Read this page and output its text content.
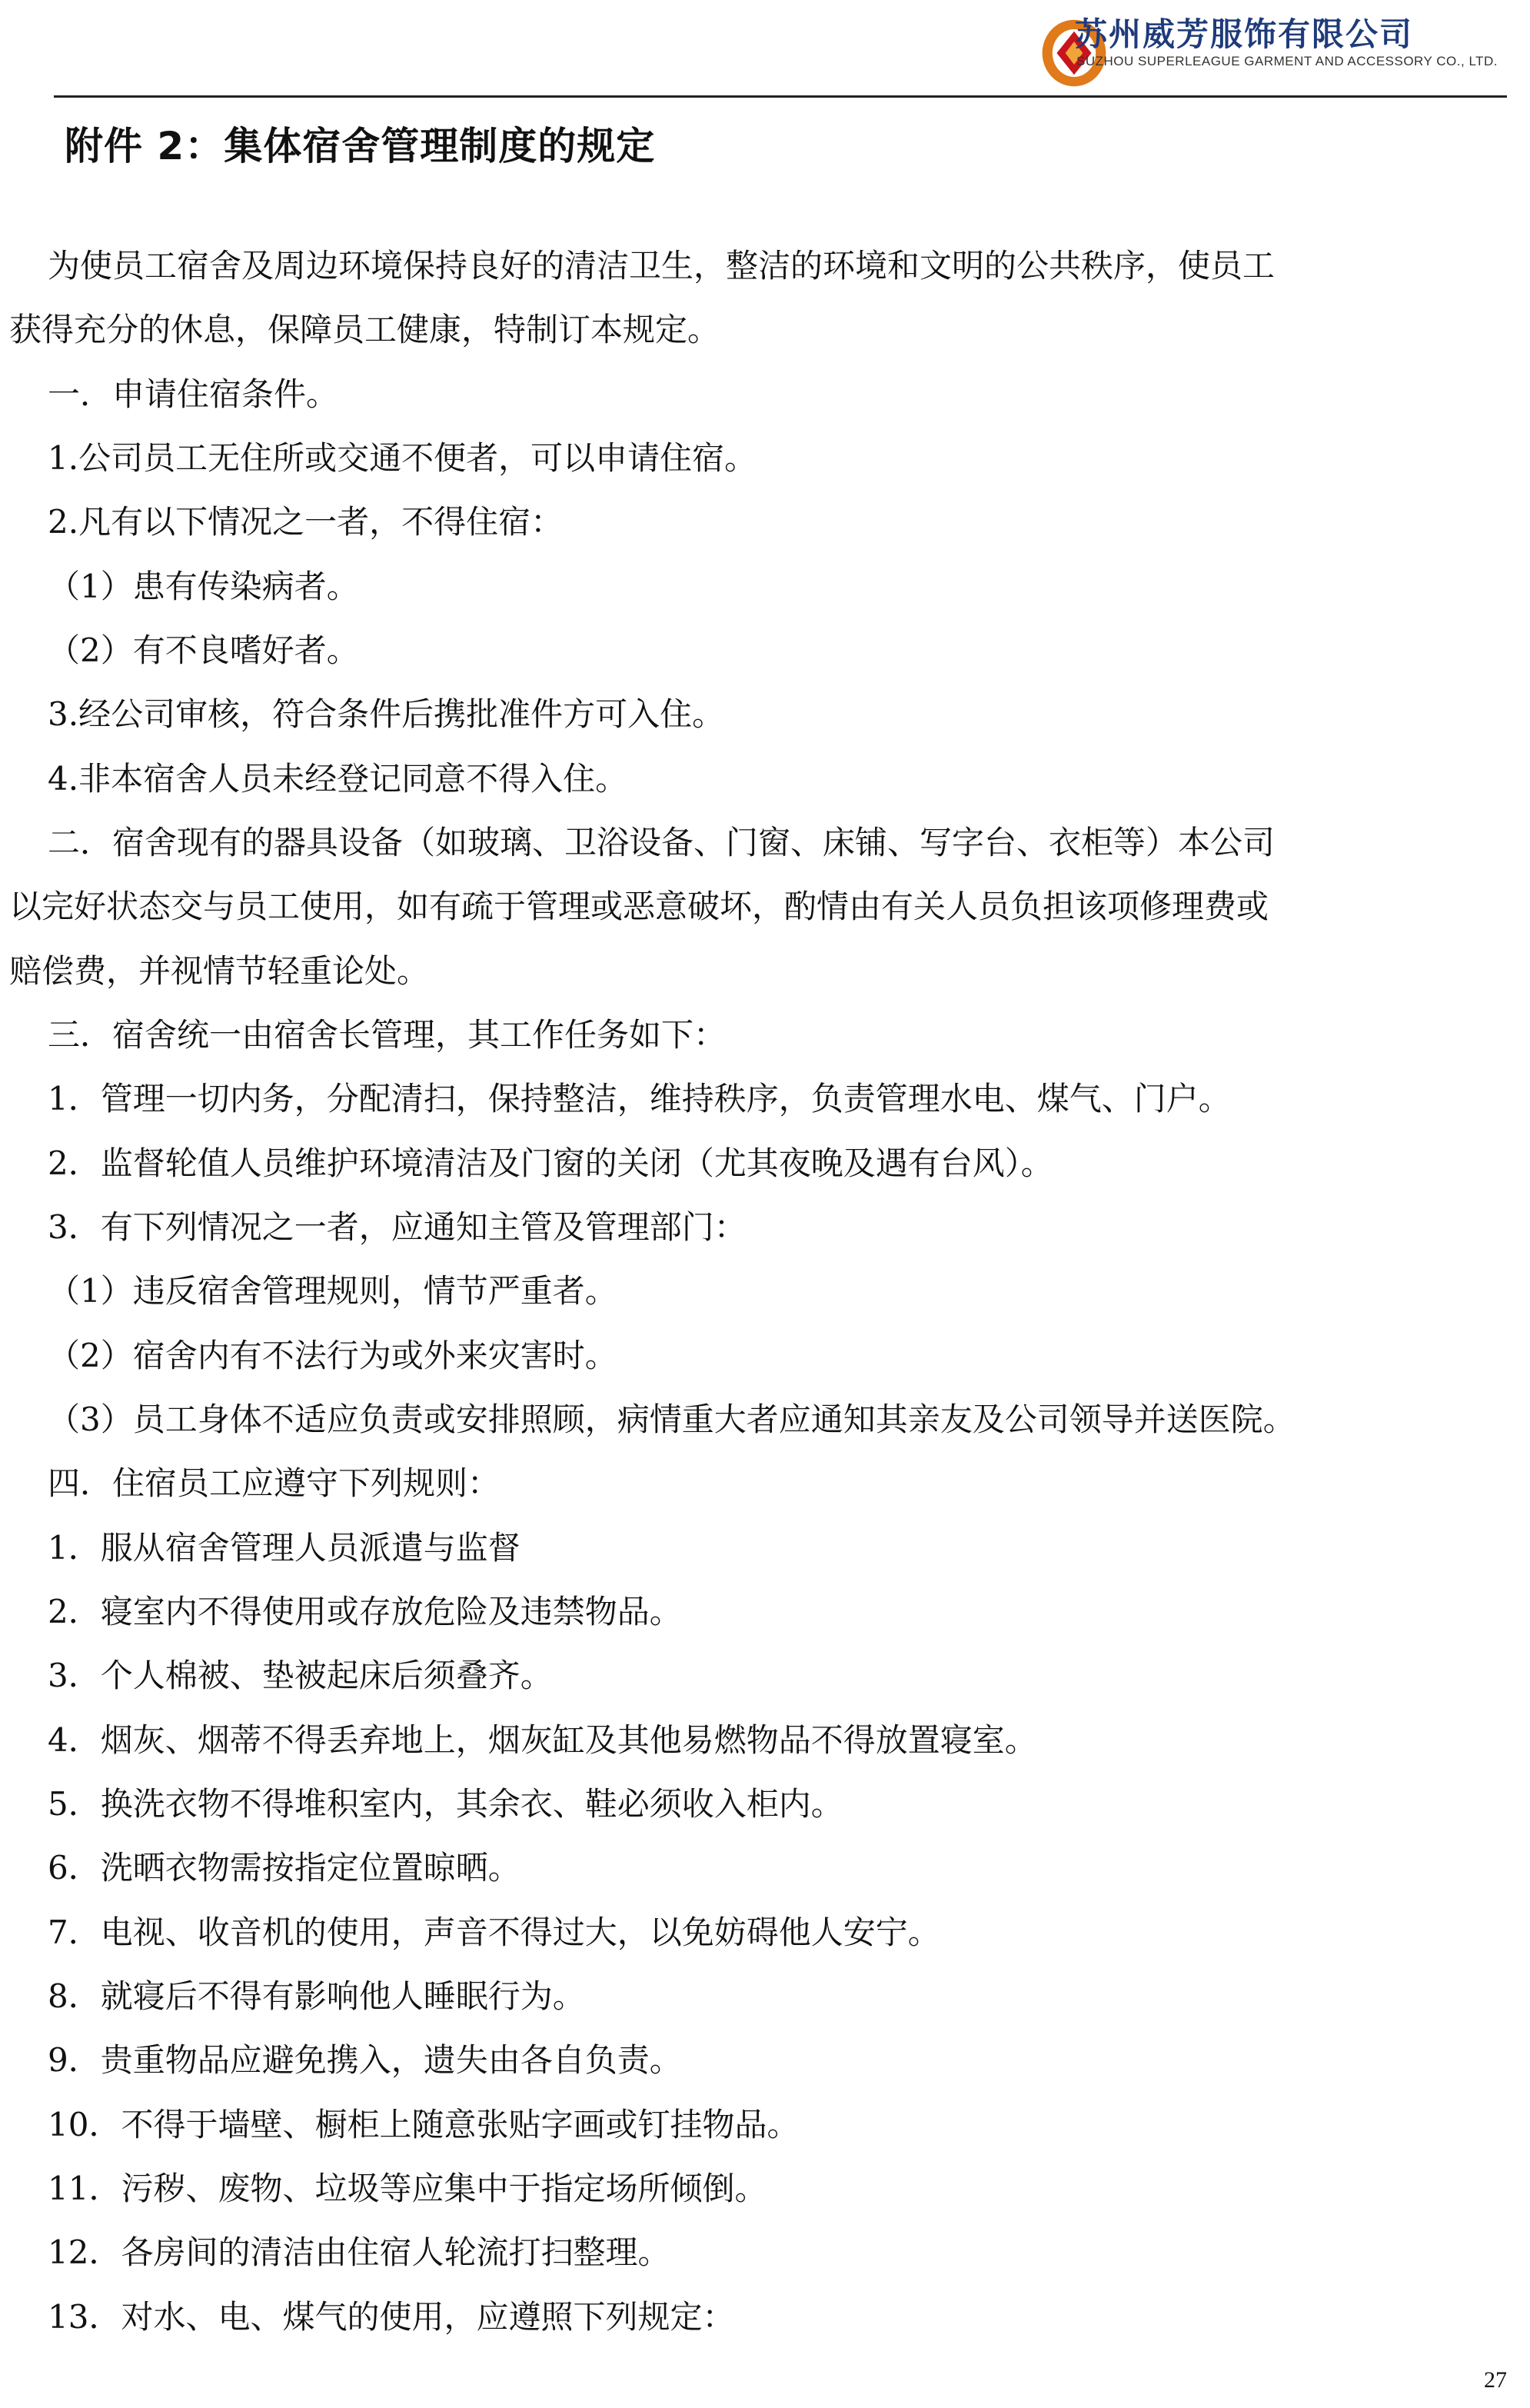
苏州威芳服饰有限公司
SUZHOU SUPERLEAGUE GARMENT AND ACCESSORY CO., LTD.
附件 2：集体宿舍管理制度的规定
为使员工宿舍及周边环境保持良好的清洁卫生，整洁的环境和文明的公共秩序，使员工
获得充分的休息，保障员工健康，特制订本规定。
一．申请住宿条件。
1.公司员工无住所或交通不便者，可以申请住宿。
2.凡有以下情况之一者，不得住宿：
（1）患有传染病者。
（2）有不良嗜好者。
3.经公司审核，符合条件后携批准件方可入住。
4.非本宿舍人员未经登记同意不得入住。
二．宿舍现有的器具设备（如玻璃、卫浴设备、门窗、床铺、写字台、衣柜等）本公司
以完好状态交与员工使用，如有疏于管理或恶意破坏，酌情由有关人员负担该项修理费或
赔偿费，并视情节轻重论处。
三．宿舍统一由宿舍长管理，其工作任务如下：
1．管理一切内务，分配清扫，保持整洁，维持秩序，负责管理水电、煤气、门户。
2．监督轮值人员维护环境清洁及门窗的关闭（尤其夜晚及遇有台风）。
3．有下列情况之一者，应通知主管及管理部门：
（1）违反宿舍管理规则，情节严重者。
（2）宿舍内有不法行为或外来灾害时。
（3）员工身体不适应负责或安排照顾，病情重大者应通知其亲友及公司领导并送医院。
四．住宿员工应遵守下列规则：
1．服从宿舍管理人员派遣与监督
2．寝室内不得使用或存放危险及违禁物品。
3．个人棉被、垫被起床后须叠齐。
4．烟灰、烟蒂不得丢弃地上，烟灰缸及其他易燃物品不得放置寝室。
5．换洗衣物不得堆积室内，其余衣、鞋必须收入柜内。
6．洗晒衣物需按指定位置晾晒。
7．电视、收音机的使用，声音不得过大，以免妨碍他人安宁。
8．就寝后不得有影响他人睡眠行为。
9．贵重物品应避免携入，遗失由各自负责。
10．不得于墙壁、橱柜上随意张贴字画或钉挂物品。
11．污秽、废物、垃圾等应集中于指定场所倾倒。
12．各房间的清洁由住宿人轮流打扫整理。
13．对水、电、煤气的使用，应遵照下列规定：
27
